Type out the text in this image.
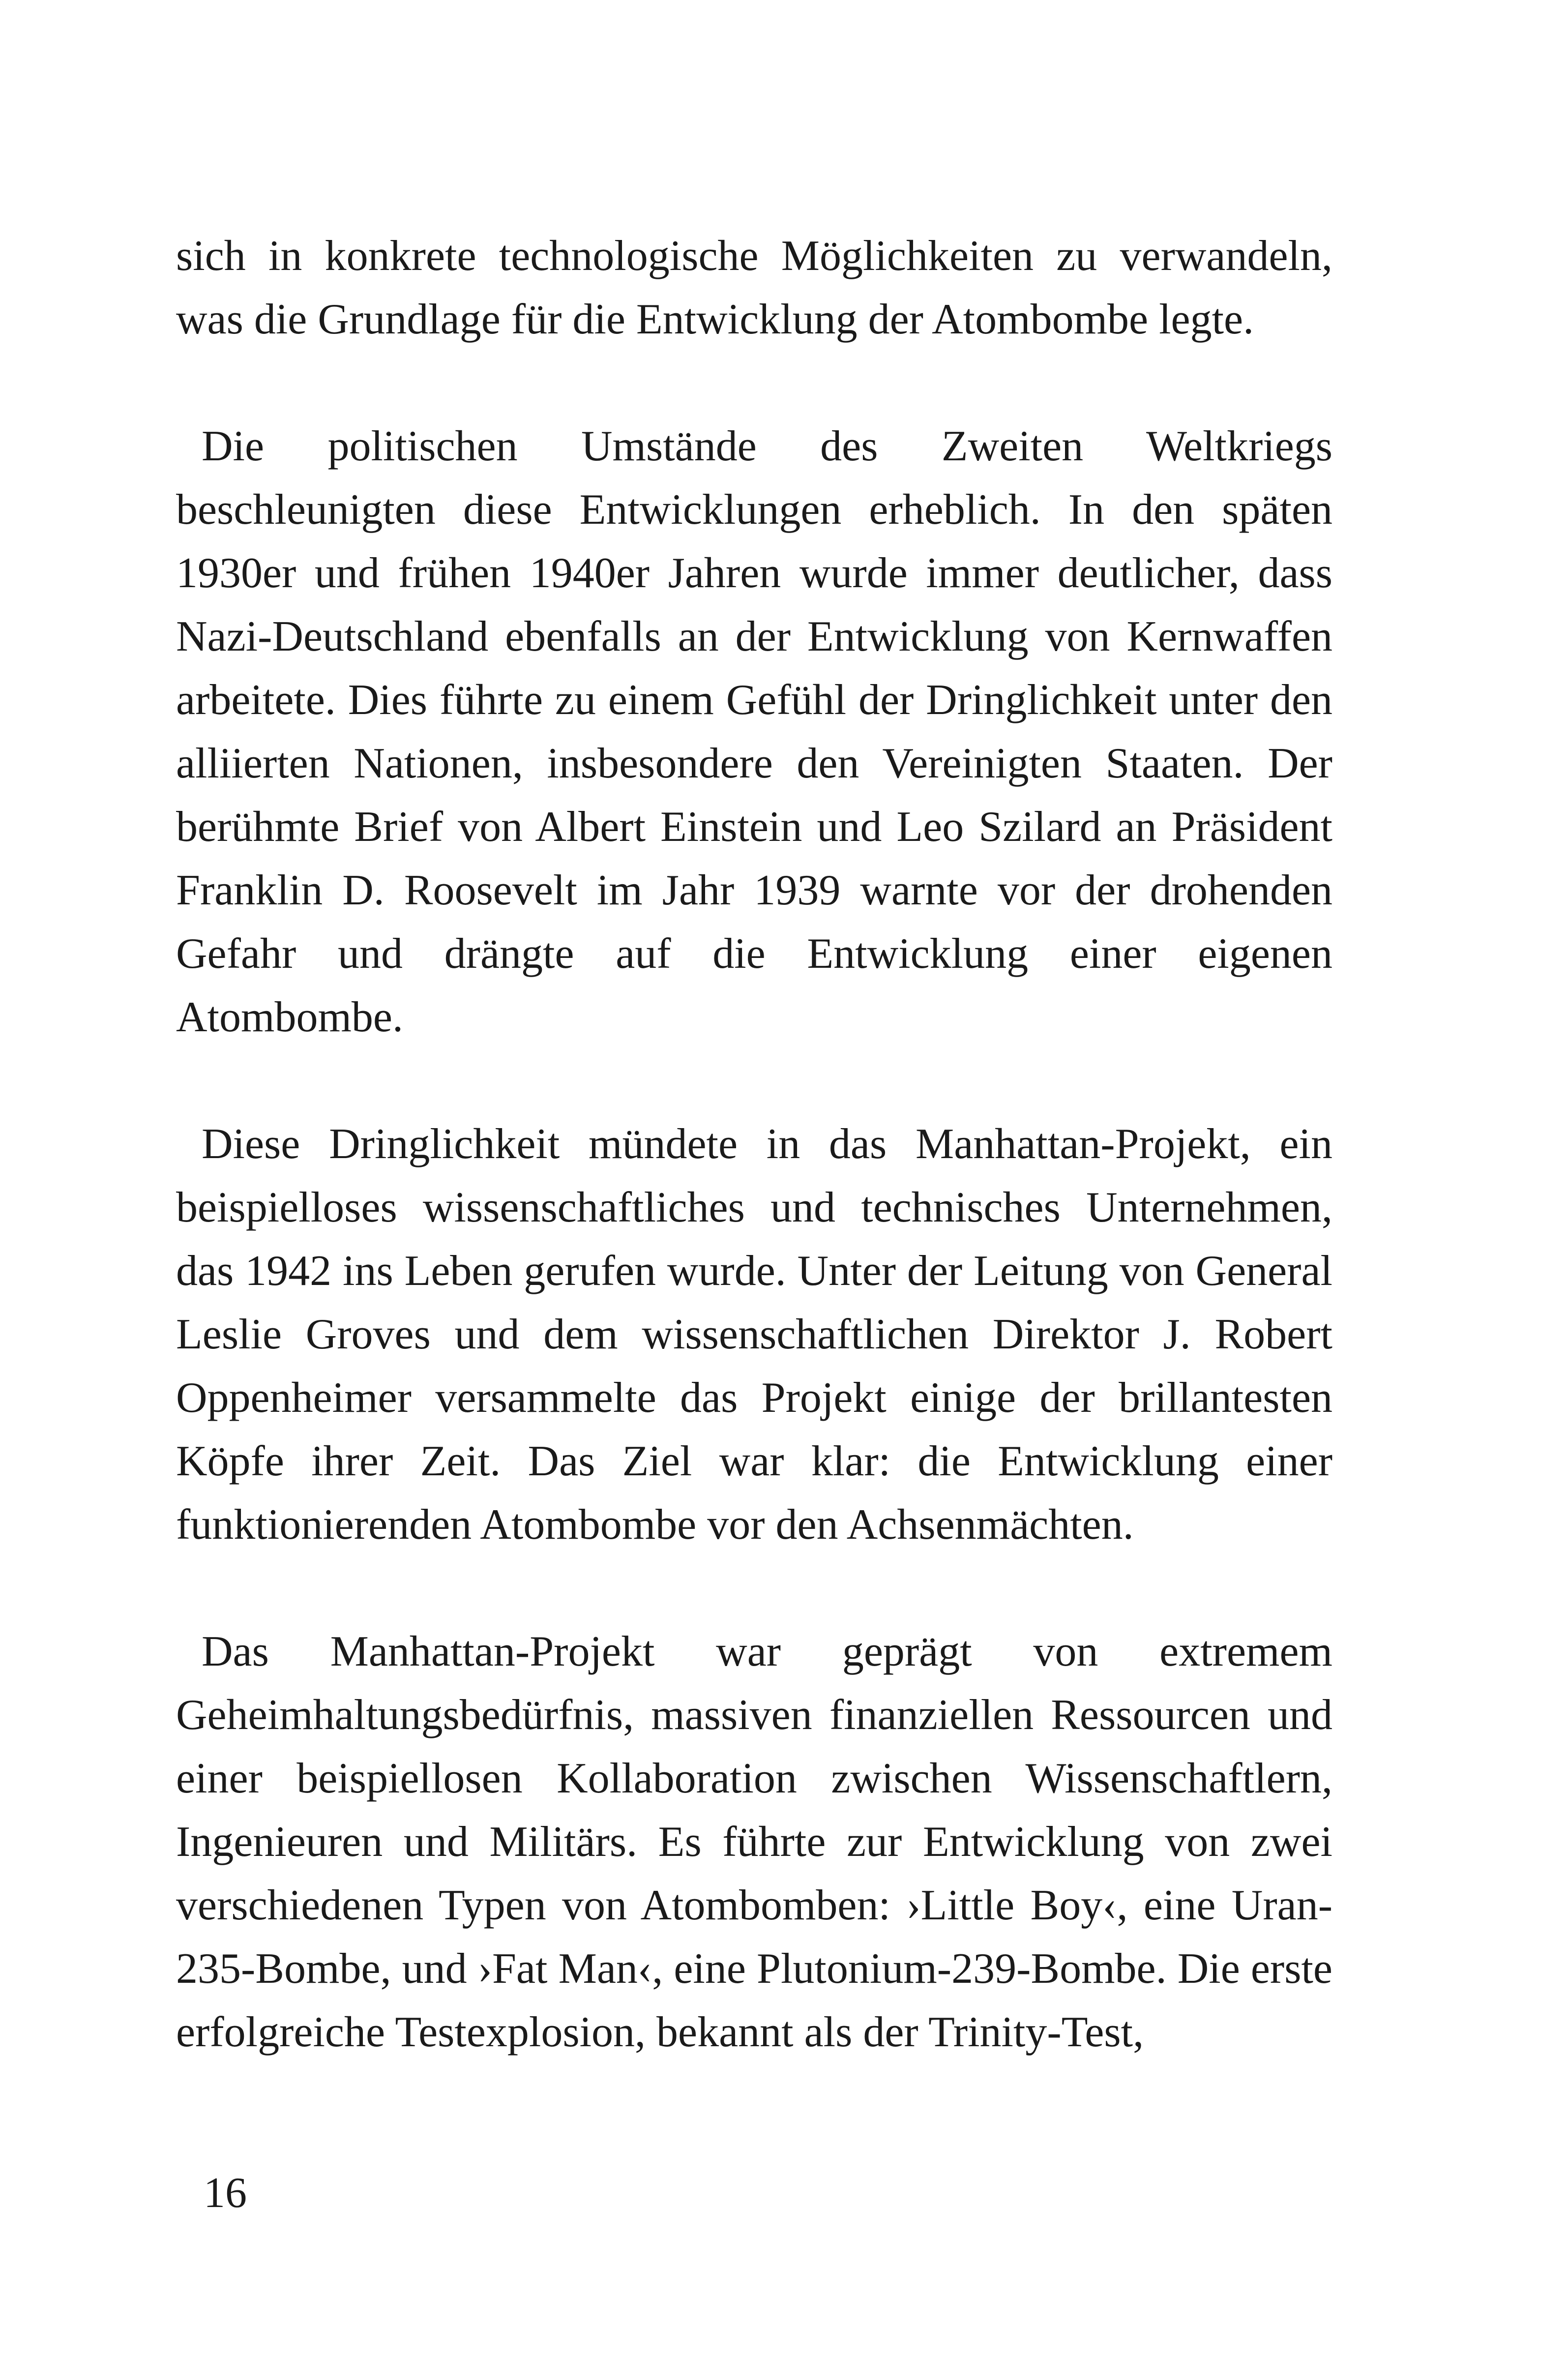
sich in konkrete technologische Möglichkeiten zu verwandeln, was die Grundlage für die Entwicklung der Atombombe legte.

Die politischen Umstände des Zweiten Weltkriegs beschleunigten diese Entwicklungen erheblich. In den späten 1930er und frühen 1940er Jahren wurde immer deutlicher, dass Nazi-Deutschland ebenfalls an der Entwicklung von Kernwaffen arbeitete. Dies führte zu einem Gefühl der Dringlichkeit unter den alliierten Nationen, insbesondere den Vereinigten Staaten. Der berühmte Brief von Albert Einstein und Leo Szilard an Präsident Franklin D. Roosevelt im Jahr 1939 warnte vor der drohenden Gefahr und drängte auf die Entwicklung einer eigenen Atombombe.

Diese Dringlichkeit mündete in das Manhattan-Projekt, ein beispielloses wissenschaftliches und technisches Unternehmen, das 1942 ins Leben gerufen wurde. Unter der Leitung von General Leslie Groves und dem wissenschaftlichen Direktor J. Robert Oppenheimer versammelte das Projekt einige der brillantesten Köpfe ihrer Zeit. Das Ziel war klar: die Entwicklung einer funktionierenden Atombombe vor den Achsenmächten.

Das Manhattan-Projekt war geprägt von extremem Geheimhaltungsbedürfnis, massiven finanziellen Ressourcen und einer beispiellosen Kollaboration zwischen Wissenschaftlern, Ingenieuren und Militärs. Es führte zur Entwicklung von zwei verschiedenen Typen von Atombomben: ›Little Boy‹, eine Uran-235-Bombe, und ›Fat Man‹, eine Plutonium-239-Bombe. Die erste erfolgreiche Testexplosion, bekannt als der Trinity-Test,

16
